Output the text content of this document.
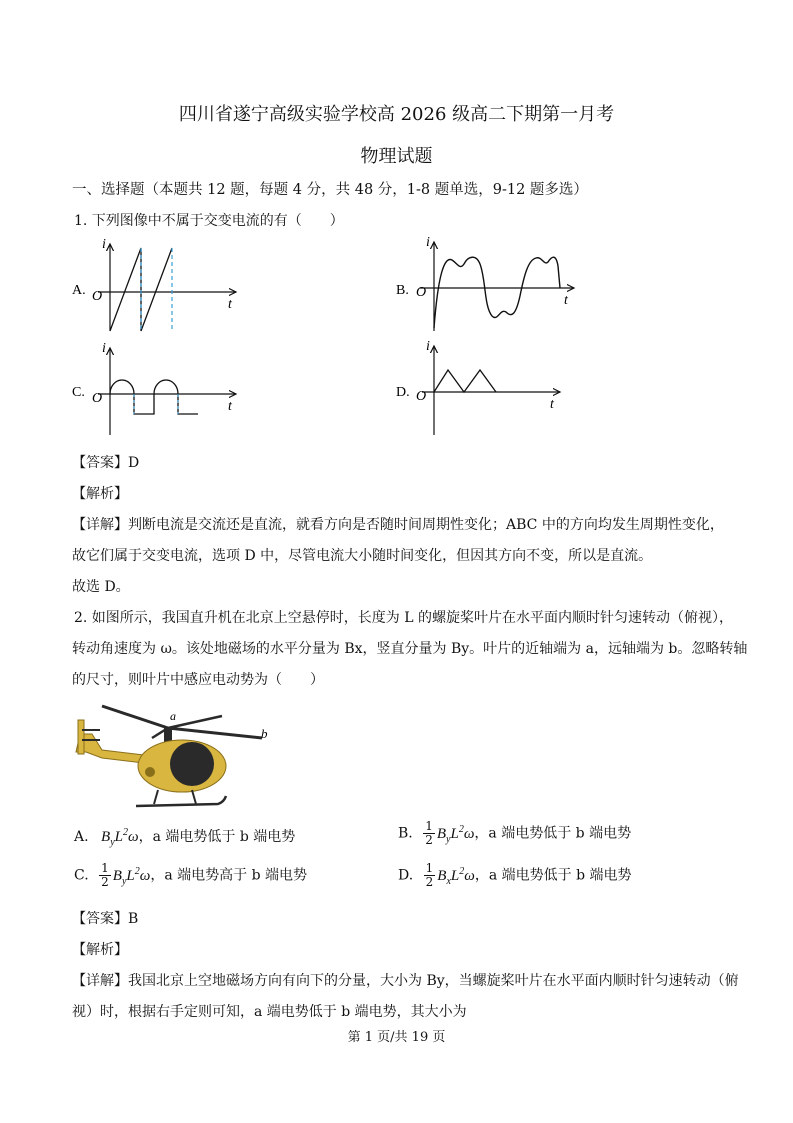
四川省遂宁高级实验学校高 2026 级高二下期第一月考
物理试题
一、选择题（本题共 12 题，每题 4 分，共 48 分，1-8 题单选，9-12 题多选）
1. 下列图像中不属于交变电流的有（　　）
A.
i
O
t
B.
i
O
t
C.
i
O
t
D.
i
O
t
【答案】D
【解析】
【详解】判断电流是交流还是直流，就看方向是否随时间周期性变化；ABC 中的方向均发生周期性变化，
故它们属于交变电流，选项 D 中，尽管电流大小随时间变化，但因其方向不变，所以是直流。
故选 D。
2. 如图所示，我国直升机在北京上空悬停时，长度为 L 的螺旋桨叶片在水平面内顺时针匀速转动（俯视），
转动角速度为 ω。该处地磁场的水平分量为 Bx，竖直分量为 By。叶片的近轴端为 a，远轴端为 b。忽略转轴
的尺寸，则叶片中感应电动势为（　　）
a
b
A. $B_yL^2\omega$，a 端电势低于 b 端电势	B. $\frac{1}{2} B_yL^2\omega$，a 端电势低于 b 端电势
C. $\frac{1}{2} B_yL^2\omega$，a 端电势高于 b 端电势	D. $\frac{1}{2} B_xL^2\omega$，a 端电势低于 b 端电势
【答案】B
【解析】
【详解】我国北京上空地磁场方向有向下的分量，大小为 By，当螺旋桨叶片在水平面内顺时针匀速转动（俯
视）时，根据右手定则可知，a 端电势低于 b 端电势，其大小为
第 1 页/共 19 页
